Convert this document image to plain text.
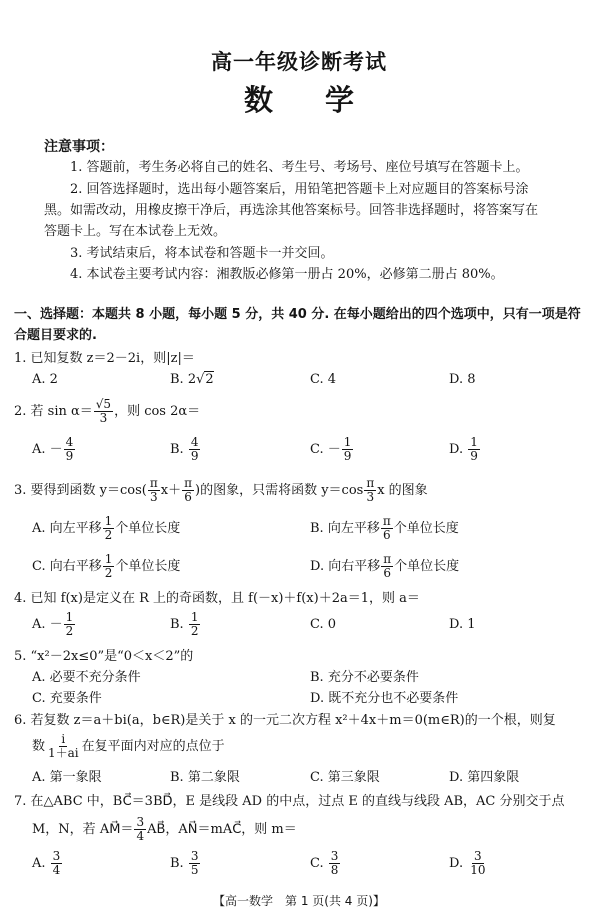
高一年级诊断考试
数学
注意事项：
1. 答题前，考生务必将自己的姓名、考生号、考场号、座位号填写在答题卡上。
2. 回答选择题时，选出每小题答案后，用铅笔把答题卡上对应题目的答案标号涂
黑。如需改动，用橡皮擦干净后，再选涂其他答案标号。回答非选择题时，将答案写在
答题卡上。写在本试卷上无效。
3. 考试结束后，将本试卷和答题卡一并交回。
4. 本试卷主要考试内容：湘教版必修第一册占 20%，必修第二册占 80%。
一、选择题：本题共 8 小题，每小题 5 分，共 40 分. 在每小题给出的四个选项中，只有一项是符合题目要求的.
1. 已知复数 z＝2－2i，则|z|＝
A. 2	B. 2√2	C. 4	D. 8
2. 若 $\sin \alpha= \frac{√5}{3}$ ，则 cos 2α＝
A. － $\frac{4}{9}$	B. $\frac{4}{9}$	C. － $\frac{1}{9}$	D. $\frac{1}{9}$
3. 要得到函数 $y=\cos( \frac{\pi}{3} x+ \frac{\pi}{6}$ )的图象，只需将函数 $y=\cos \frac{\pi}{3}$ x 的图象
A. 向左平移 $\frac{1}{2}$ 个单位长度	B. 向左平移 $\frac{\pi}{6}$ 个单位长度
C. 向右平移 $\frac{1}{2}$ 个单位长度	D. 向右平移 $\frac{\pi}{6}$ 个单位长度
4. 已知 f(x)是定义在 R 上的奇函数，且 f(－x)＋f(x)＋2a＝1，则 a＝
A. － $\frac{1}{2}$	B. $\frac{1}{2}$	C. 0	D. 1
5. “x²－2x≤0”是“0＜x＜2”的
A. 必要不充分条件	B. 充分不必要条件
C. 充要条件	D. 既不充分也不必要条件
6. 若复数 z＝a＋bi(a，b∈R)是关于 x 的一元二次方程 x²＋4x＋m＝0(m∈R)的一个根，则复
数 $\frac{i}{1+ai}$ 在复平面内对应的点位于
A. 第一象限	B. 第二象限	C. 第三象限	D. 第四象限
7. 在△ABC 中，BC⃗＝3BD⃗，E 是线段 AD 的中点，过点 E 的直线与线段 AB，AC 分别交于点
M，N，若 AM⃗＝ $\frac{3}{4}$ AB⃗，AN⃗＝mAC⃗，则 m＝
A. $\frac{3}{4}$	B. $\frac{3}{5}$	C. $\frac{3}{8}$	D. $\frac{3}{10}$
【高一数学　第 1 页(共 4 页)】
